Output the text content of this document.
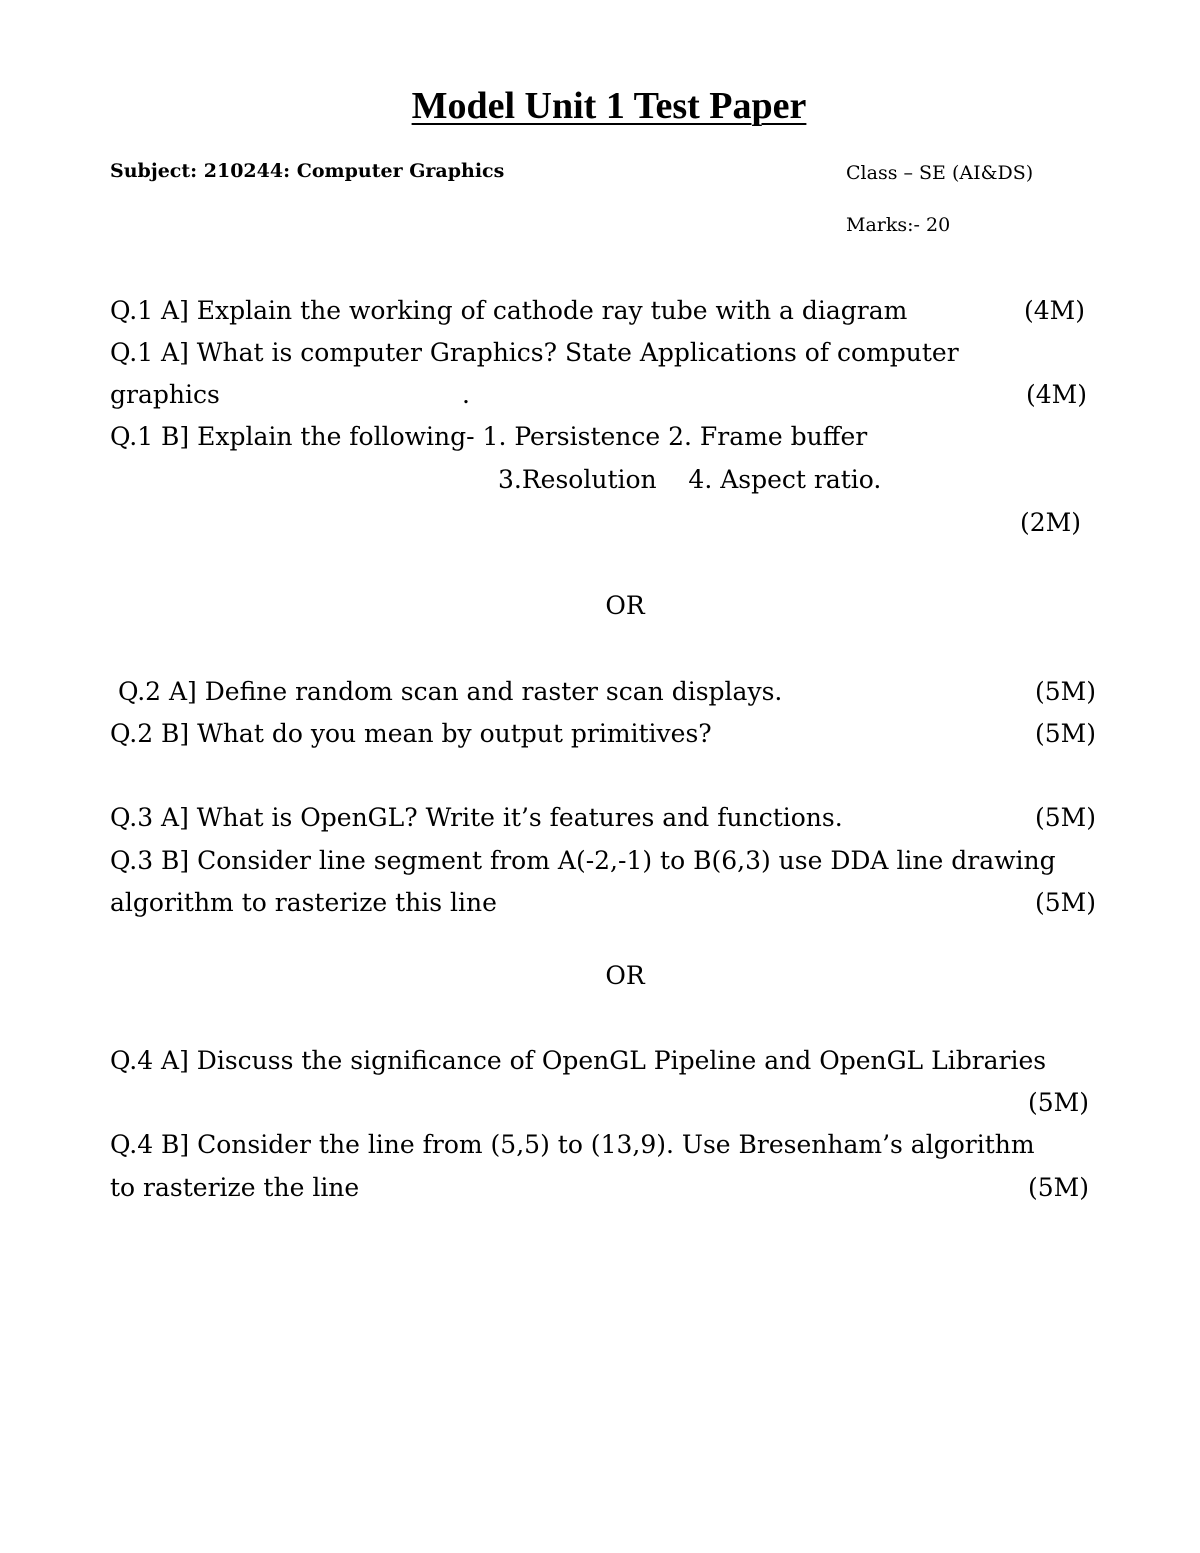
Model Unit 1 Test Paper
Subject: 210244: Computer Graphics	Class – SE (AI&DS)
Marks:- 20
Q.1 A] Explain the working of cathode ray tube with a diagram	(4M)
Q.1 A] What is computer Graphics? State Applications of computer
graphics	.	(4M)
Q.1 B] Explain the following- 1. Persistence 2. Frame buffer
3.Resolution    4. Aspect ratio.
(2M)
OR
Q.2 A] Define random scan and raster scan displays.	(5M)
Q.2 B] What do you mean by output primitives?	(5M)
Q.3 A] What is OpenGL? Write it’s features and functions.	(5M)
Q.3 B] Consider line segment from A(-2,-1) to B(6,3) use DDA line drawing
algorithm to rasterize this line	(5M)
OR
Q.4 A] Discuss the significance of OpenGL Pipeline and OpenGL Libraries
(5M)
Q.4 B] Consider the line from (5,5) to (13,9). Use Bresenham’s algorithm
to rasterize the line	(5M)
